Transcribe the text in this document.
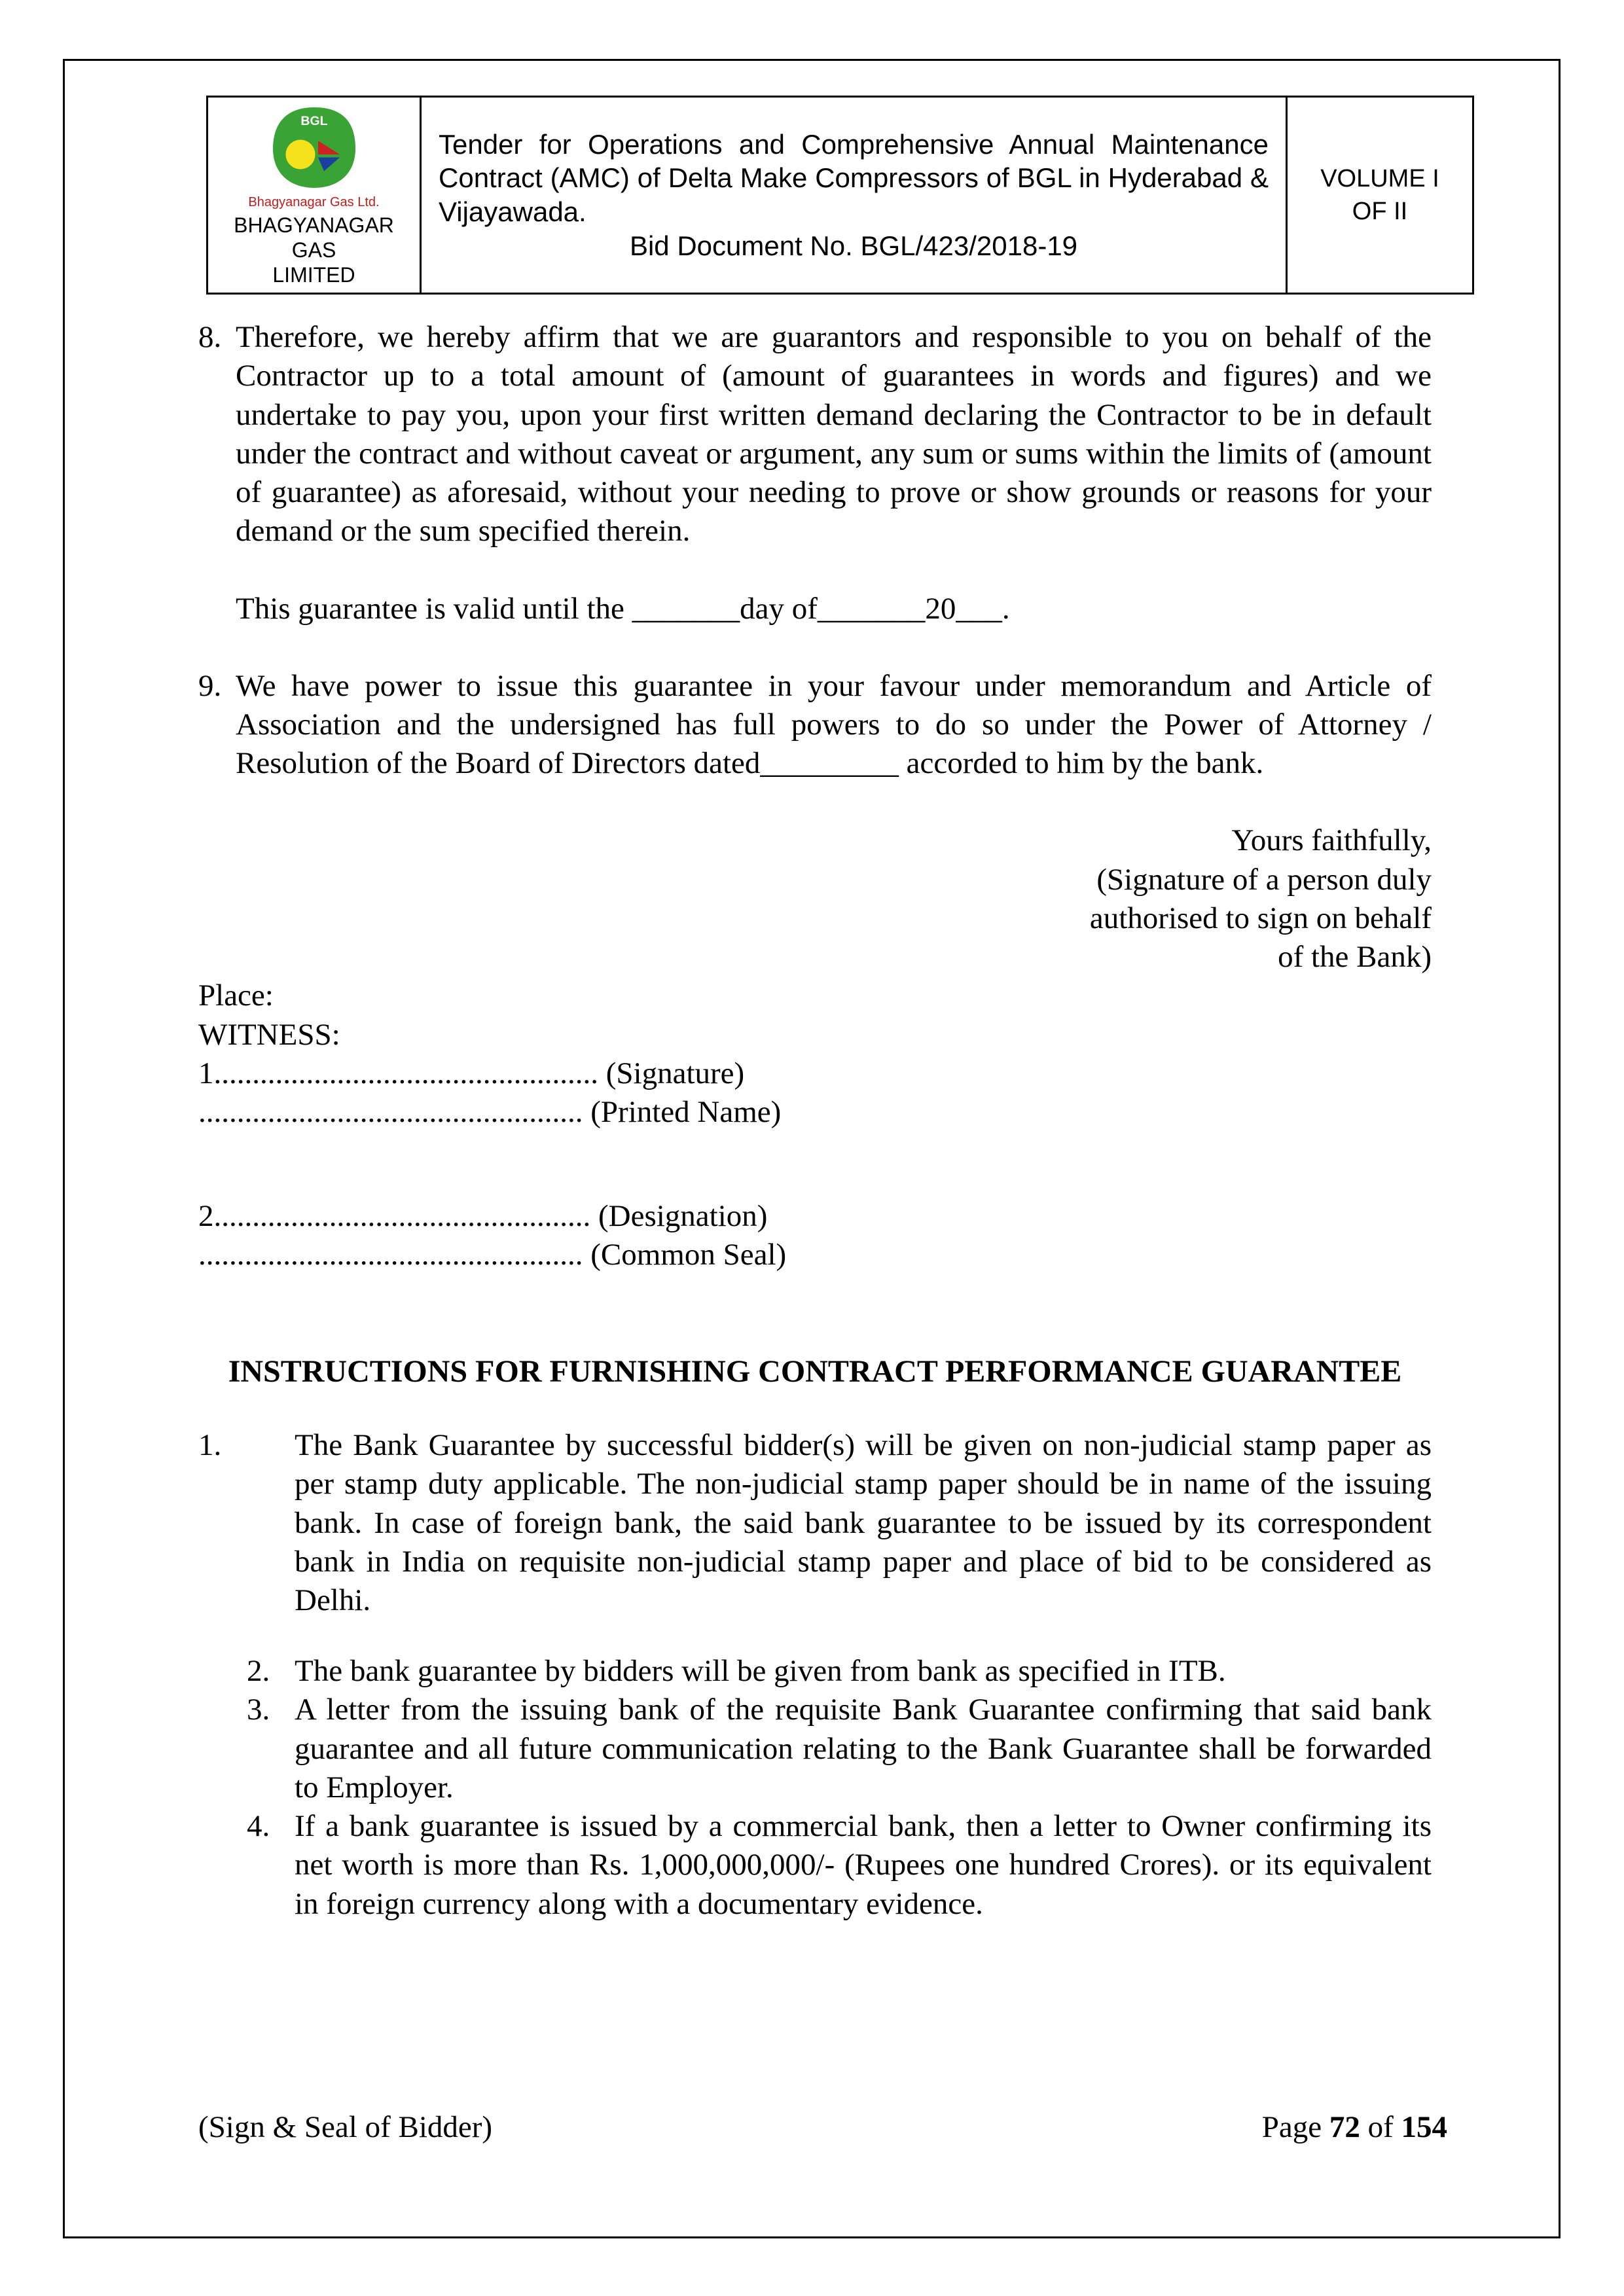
BGL
Bhagyanagar Gas Ltd.
BHAGYANAGAR GAS
LIMITED

Tender for Operations and Comprehensive Annual Maintenance Contract (AMC) of Delta Make Compressors of BGL in Hyderabad & Vijayawada.
Bid Document No. BGL/423/2018-19

VOLUME I
OF II
8. Therefore, we hereby affirm that we are guarantors and responsible to you on behalf of the Contractor up to a total amount of (amount of guarantees in words and figures) and we undertake to pay you, upon your first written demand declaring the Contractor to be in default under the contract and without caveat or argument, any sum or sums within the limits of (amount of guarantee) as aforesaid, without your needing to prove or show grounds or reasons for your demand or the sum specified therein.
This guarantee is valid until the _______day of_______20___.
9. We have power to issue this guarantee in your favour under memorandum and Article of Association and the undersigned has full powers to do so under the Power of Attorney / Resolution of the Board of Directors dated_________ accorded to him by the bank.
Yours faithfully,
(Signature of a person duly
authorised to sign on behalf
of the Bank)
Place:
WITNESS:
1.................................................. (Signature)
.................................................. (Printed Name)
2................................................. (Designation)
.................................................. (Common Seal)
INSTRUCTIONS FOR FURNISHING CONTRACT PERFORMANCE GUARANTEE
1.	The Bank Guarantee by successful bidder(s) will be given on non-judicial stamp paper as per stamp duty applicable. The non-judicial stamp paper should be in name of the issuing bank. In case of foreign bank, the said bank guarantee to be issued by its correspondent bank in India on requisite non-judicial stamp paper and place of bid to be considered as Delhi.
2. The bank guarantee by bidders will be given from bank as specified in ITB.
3. A letter from the issuing bank of the requisite Bank Guarantee confirming that said bank guarantee and all future communication relating to the Bank Guarantee shall be forwarded to Employer.
4. If a bank guarantee is issued by a commercial bank, then a letter to Owner confirming its net worth is more than Rs. 1,000,000,000/- (Rupees one hundred Crores). or its equivalent in foreign currency along with a documentary evidence.
(Sign & Seal of Bidder)	Page 72 of 154
